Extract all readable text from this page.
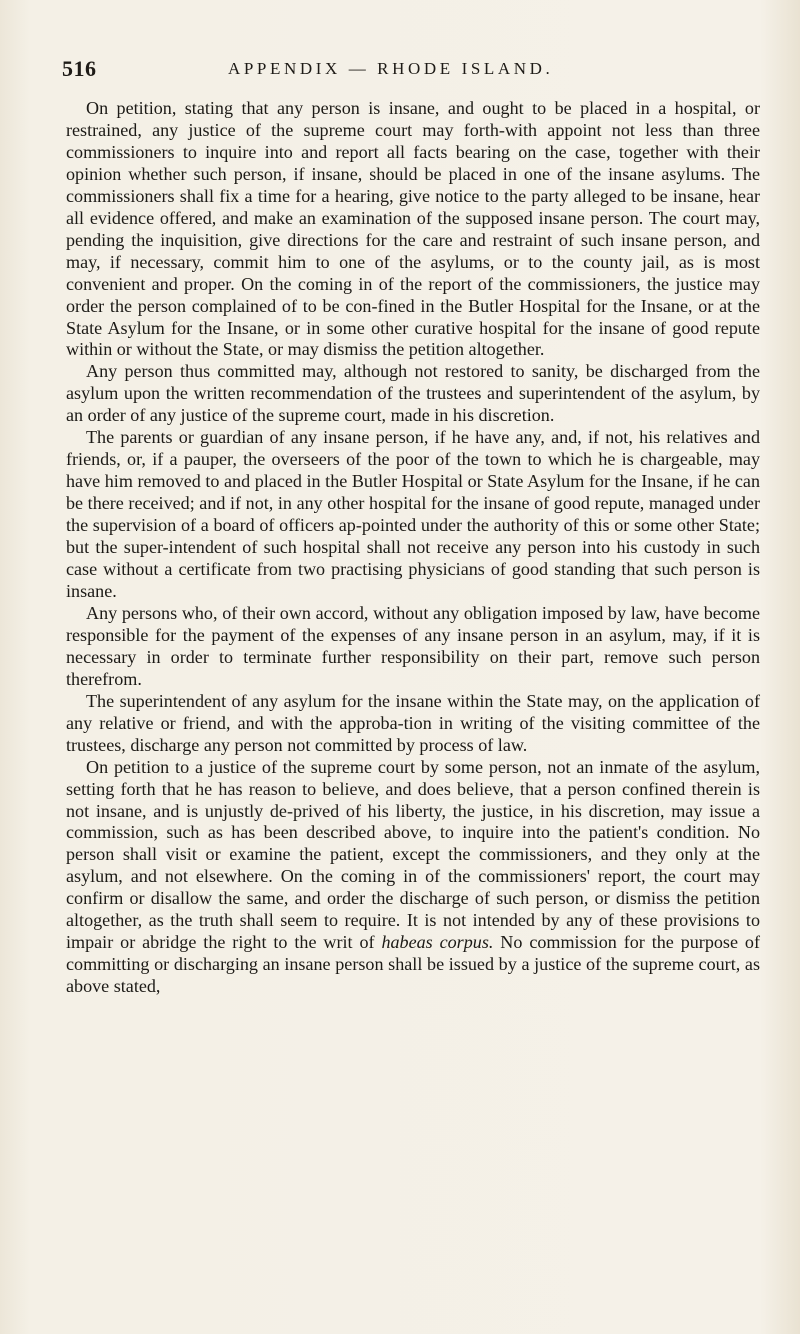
516	APPENDIX — RHODE ISLAND.

On petition, stating that any person is insane, and ought to be placed in a hospital, or restrained, any justice of the supreme court may forth-with appoint not less than three commissioners to inquire into and report all facts bearing on the case, together with their opinion whether such person, if insane, should be placed in one of the insane asylums. The commissioners shall fix a time for a hearing, give notice to the party alleged to be insane, hear all evidence offered, and make an examination of the supposed insane person. The court may, pending the inquisition, give directions for the care and restraint of such insane person, and may, if necessary, commit him to one of the asylums, or to the county jail, as is most convenient and proper. On the coming in of the report of the commissioners, the justice may order the person complained of to be con-fined in the Butler Hospital for the Insane, or at the State Asylum for the Insane, or in some other curative hospital for the insane of good repute within or without the State, or may dismiss the petition altogether.

Any person thus committed may, although not restored to sanity, be discharged from the asylum upon the written recommendation of the trustees and superintendent of the asylum, by an order of any justice of the supreme court, made in his discretion.

The parents or guardian of any insane person, if he have any, and, if not, his relatives and friends, or, if a pauper, the overseers of the poor of the town to which he is chargeable, may have him removed to and placed in the Butler Hospital or State Asylum for the Insane, if he can be there received; and if not, in any other hospital for the insane of good repute, managed under the supervision of a board of officers ap-pointed under the authority of this or some other State; but the super-intendent of such hospital shall not receive any person into his custody in such case without a certificate from two practising physicians of good standing that such person is insane.

Any persons who, of their own accord, without any obligation imposed by law, have become responsible for the payment of the expenses of any insane person in an asylum, may, if it is necessary in order to terminate further responsibility on their part, remove such person therefrom.

The superintendent of any asylum for the insane within the State may, on the application of any relative or friend, and with the approba-tion in writing of the visiting committee of the trustees, discharge any person not committed by process of law.

On petition to a justice of the supreme court by some person, not an inmate of the asylum, setting forth that he has reason to believe, and does believe, that a person confined therein is not insane, and is unjustly de-prived of his liberty, the justice, in his discretion, may issue a commission, such as has been described above, to inquire into the patient's condition. No person shall visit or examine the patient, except the commissioners, and they only at the asylum, and not elsewhere. On the coming in of the commissioners' report, the court may confirm or disallow the same, and order the discharge of such person, or dismiss the petition altogether, as the truth shall seem to require. It is not intended by any of these provisions to impair or abridge the right to the writ of habeas corpus. No commission for the purpose of committing or discharging an insane person shall be issued by a justice of the supreme court, as above stated,
